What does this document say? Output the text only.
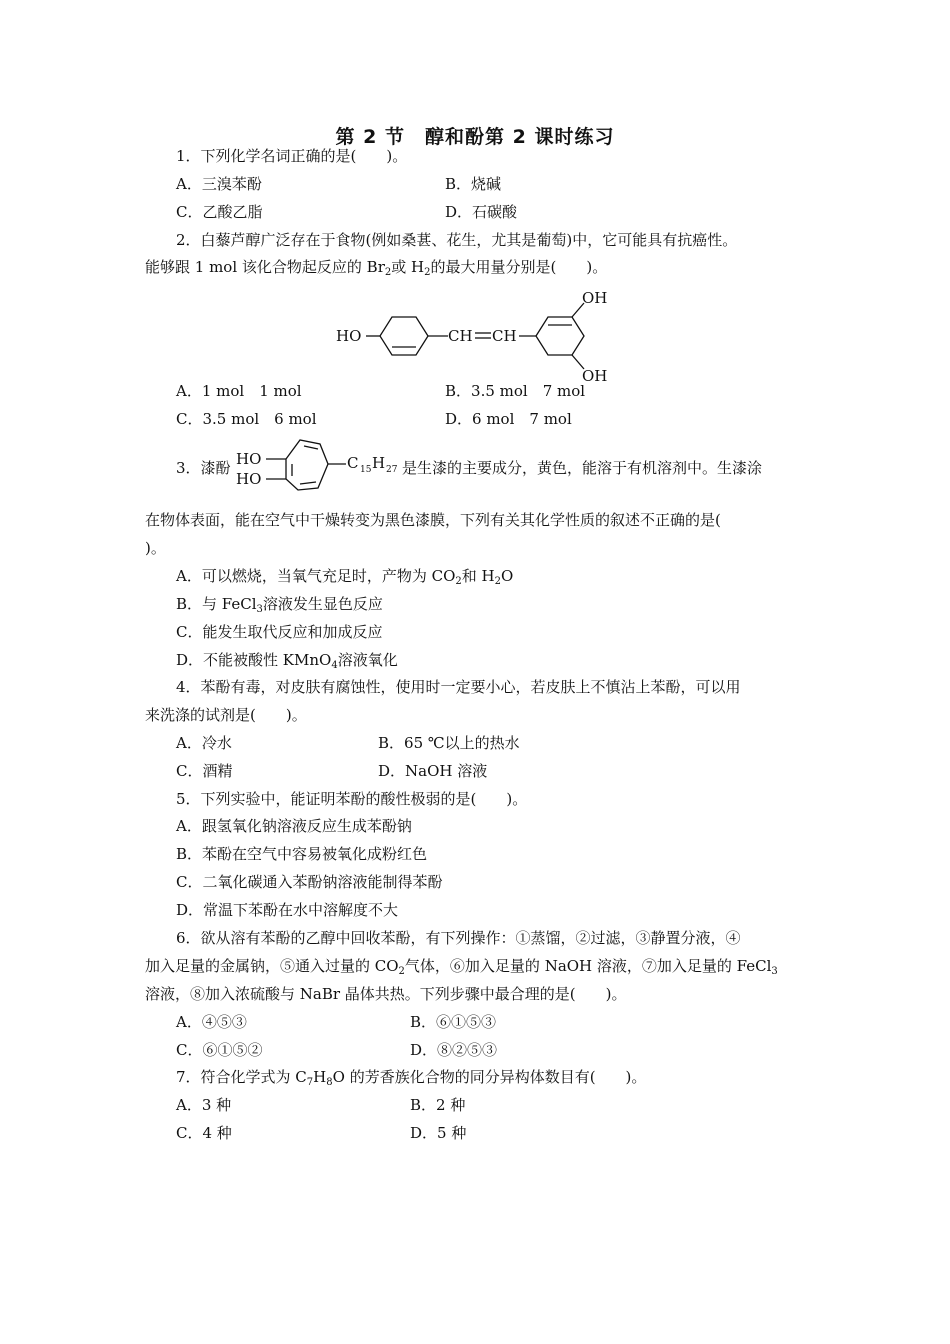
第 2 节　醇和酚第 2 课时练习
1．下列化学名词正确的是(　　)。
A．三溴苯酚	B．烧碱
C．乙酸乙脂	D．石碳酸
2．白藜芦醇广泛存在于食物(例如桑葚、花生，尤其是葡萄)中，它可能具有抗癌性。
能够跟 1 mol 该化合物起反应的 $Br_2$或 $H_2$的最大用量分别是(　　)。
HO	CH CH
OH
OH
A．1 mol　1 mol	B．3.5 mol　7 mol
C．3.5 mol　6 mol	D．6 mol　7 mol
3．漆酚 HO
HO
C 15 H 27 是生漆的主要成分，黄色，能溶于有机溶剂中。生漆涂
在物体表面，能在空气中干燥转变为黑色漆膜，下列有关其化学性质的叙述不正确的是(
)。
A．可以燃烧，当氧气充足时，产物为 $CO_2$和 $H_2O$
B．与 FeCl$_3$溶液发生显色反应
C．能发生取代反应和加成反应
D．不能被酸性 KMnO$_4$溶液氧化
4．苯酚有毒，对皮肤有腐蚀性，使用时一定要小心，若皮肤上不慎沾上苯酚，可以用
来洗涤的试剂是(　　)。
A．冷水	B．65 ℃以上的热水
C．酒精	D．NaOH 溶液
5．下列实验中，能证明苯酚的酸性极弱的是(　　)。
A．跟氢氧化钠溶液反应生成苯酚钠
B．苯酚在空气中容易被氧化成粉红色
C．二氧化碳通入苯酚钠溶液能制得苯酚
D．常温下苯酚在水中溶解度不大
6．欲从溶有苯酚的乙醇中回收苯酚，有下列操作：①蒸馏，②过滤，③静置分液，④
加入足量的金属钠，⑤通入过量的 $CO_2$气体，⑥加入足量的 NaOH 溶液，⑦加入足量的 FeCl$_3$
溶液，⑧加入浓硫酸与 NaBr 晶体共热。下列步骤中最合理的是(　　)。
A．④⑤③	B．⑥①⑤③
C．⑥①⑤②	D．⑧②⑤③
7．符合化学式为 $C_7H_8O$ 的芳香族化合物的同分异构体数目有(　　)。
A．3 种	B．2 种
C．4 种	D．5 种
